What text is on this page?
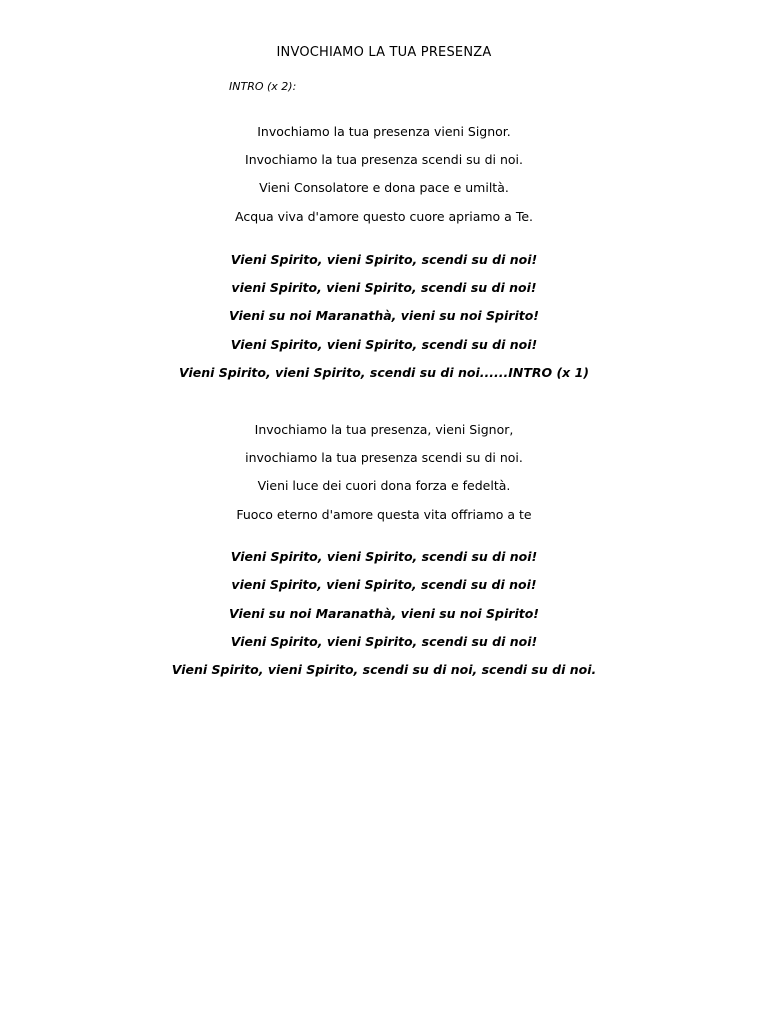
INVOCHIAMO LA TUA PRESENZA

INTRO (x 2):

Invochiamo la tua presenza vieni Signor.

Invochiamo la tua presenza scendi su di noi.

Vieni Consolatore e dona pace e umiltà.

Acqua viva d'amore questo cuore apriamo a Te.

Vieni Spirito, vieni Spirito, scendi su di noi!

vieni Spirito, vieni Spirito, scendi su di noi!

Vieni su noi Maranathà, vieni su noi Spirito!

Vieni Spirito, vieni Spirito, scendi su di noi!

Vieni Spirito, vieni Spirito, scendi su di noi......INTRO (x 1)

Invochiamo la tua presenza, vieni Signor,

invochiamo la tua presenza scendi su di noi.

Vieni luce dei cuori dona forza e fedeltà.

Fuoco eterno d'amore questa vita offriamo a te

Vieni Spirito, vieni Spirito, scendi su di noi!

vieni Spirito, vieni Spirito, scendi su di noi!

Vieni su noi Maranathà, vieni su noi Spirito!

Vieni Spirito, vieni Spirito, scendi su di noi!

Vieni Spirito, vieni Spirito, scendi su di noi, scendi su di noi.
